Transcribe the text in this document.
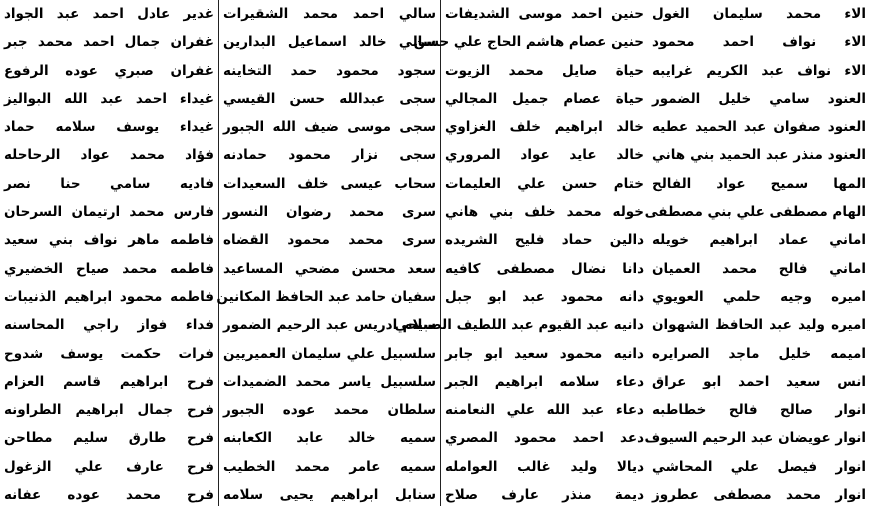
الاء محمد سليمان الغول
الاء نواف احمد محمود
الاء نواف عبد الكريم غرايبه
العنود سامي خليل الضمور
العنود صفوان عبد الحميد عطيه
العنود منذر عبد الحميد بني هاني
المها سميح عواد الفالح
الهام مصطفى علي بني مصطفى
اماني عماد ابراهيم خويله
اماني فالح محمد العميان
اميره وجيه حلمي العويوي
اميره وليد عبد الحافظ الشهوان
اميمه خليل ماجد الصرايره
انس سعيد احمد ابو عراق
انوار صالح فالح خطاطبه
انوار عويضان عبد الرحيم السيوف
انوار فيصل علي المحاشي
انوار محمد مصطفى عطروز
حنين احمد موسى الشديفات
حنين عصام هاشم الحاج علي حسن
حياة صايل محمد الزيوت
حياة عصام جميل المجالي
خالد ابراهيم خلف الغزاوي
خالد عايد عواد المروري
ختام حسن علي العليمات
خوله محمد خلف بني هاني
دالين حماد فليح الشريده
دانا نضال مصطفى كافيه
دانه محمود عبد ابو جبل
دانيه عبد القيوم عبد اللطيف الصبيحي
دانيه محمود سعيد ابو جابر
دعاء سلامه ابراهيم الجبر
دعاء عبد الله علي النعامنه
دعد احمد محمود المصري
ديالا وليد غالب العوامله
ديمة منذر عارف صلاح
سالي احمد محمد الشقيرات
سالي خالد اسماعيل البدارين
سجود محمود حمد التخاينه
سجى عبدالله حسن القيسي
سجى موسى ضيف الله الجبور
سجى نزار محمود حمادنه
سحاب عيسى خلف السعيدات
سرى محمد رضوان النسور
سرى محمد محمود القضاه
سعد محسن مضحي المساعيد
سفيان حامد عبد الحافظ المكانين
سلام ادريس عبد الرحيم الضمور
سلسبيل علي سليمان العميريين
سلسبيل ياسر محمد الضميدات
سلطان محمد عوده الجبور
سميه خالد عابد الكعابنه
سميه عامر محمد الخطيب
سنابل ابراهيم يحيى سلامه
غدير عادل احمد عبد الجواد
غفران جمال احمد محمد جبر
غفران صبري عوده الرفوع
غيداء احمد عبد الله البواليز
غيداء يوسف سلامه حماد
فؤاد محمد عواد الرحاحله
فاديه سامي حنا نصر
فارس محمد ارتيمان السرحان
فاطمه ماهر نواف بني سعيد
فاطمه محمد صياح الخضيري
فاطمه محمود ابراهيم الذنيبات
فداء فواز راجي المحاسنه
فرات حكمت يوسف شدوح
فرح ابراهيم قاسم العزام
فرح جمال ابراهيم الطراونه
فرح طارق سليم مطاحن
فرح عارف علي الزغول
فرح محمد عوده عفانه
